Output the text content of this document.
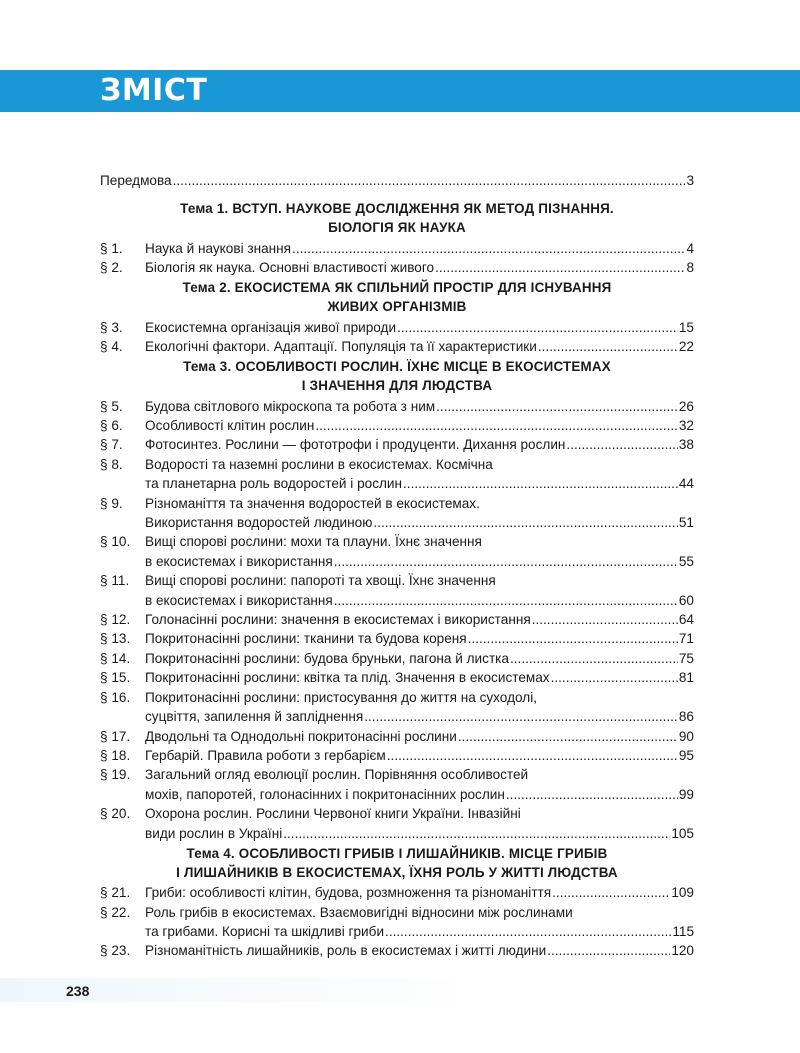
ЗМІСТ
Передмова .....	3
Тема 1. ВСТУП. НАУКОВЕ ДОСЛІДЖЕННЯ ЯК МЕТОД ПІЗНАННЯ.
БІОЛОГІЯ ЯК НАУКА
§ 1.	Наука й наукові знання .....	4
§ 2.	Біологія як наука. Основні властивості живого .....	8
Тема 2. ЕКОСИСТЕМА ЯК СПІЛЬНИЙ ПРОСТІР ДЛЯ ІСНУВАННЯ
ЖИВИХ ОРГАНІЗМІВ
§ 3.	Екосистемна організація живої природи .....	15
§ 4.	Екологічні фактори. Адаптації. Популяція та її характеристики .....	22
Тема 3. ОСОБЛИВОСТІ РОСЛИН. ЇХНЄ МІСЦЕ В ЕКОСИСТЕМАХ
І ЗНАЧЕННЯ ДЛЯ ЛЮДСТВА
§ 5.	Будова світлового мікроскопа та робота з ним .....	26
§ 6.	Особливості клітин рослин .....	32
§ 7.	Фотосинтез. Рослини — фототрофи і продуценти. Дихання рослин .....	38
§ 8.	Водорості та наземні рослини в екосистемах. Космічна
та планетарна роль водоростей і рослин .....	44
§ 9.	Різноманіття та значення водоростей в екосистемах.
Використання водоростей людиною .....	51
§ 10.	Вищі спорові рослини: мохи та плауни. Їхнє значення
в екосистемах і використання .....	55
§ 11.	Вищі спорові рослини: папороті та хвощі. Їхнє значення
в екосистемах і використання .....	60
§ 12.	Голонасінні рослини: значення в екосистемах і використання .....	64
§ 13.	Покритонасінні рослини: тканини та будова кореня .....	71
§ 14.	Покритонасінні рослини: будова бруньки, пагона й листка .....	75
§ 15.	Покритонасінні рослини: квітка та плід. Значення в екосистемах .....	81
§ 16.	Покритонасінні рослини: пристосування до життя на суходолі,
суцвіття, запилення й запліднення .....	86
§ 17.	Дводольні та Однодольні покритонасінні рослини .....	90
§ 18.	Гербарій. Правила роботи з гербарієм .....	95
§ 19.	Загальний огляд еволюції рослин. Порівняння особливостей
мохів, папоротей, голонасінних і покритонасінних рослин .....	99
§ 20.	Охорона рослин. Рослини Червоної книги України. Інвазійні
види рослин в Україні .....	105
Тема 4. ОСОБЛИВОСТІ ГРИБІВ І ЛИШАЙНИКІВ. МІСЦЕ ГРИБІВ
І ЛИШАЙНИКІВ В ЕКОСИСТЕМАХ, ЇХНЯ РОЛЬ У ЖИТТІ ЛЮДСТВА
§ 21.	Гриби: особливості клітин, будова, розмноження та різноманіття .....	109
§ 22.	Роль грибів в екосистемах. Взаємовигідні відносини між рослинами
та грибами. Корисні та шкідливі гриби .....	115
§ 23.	Різноманітність лишайників, роль в екосистемах і житті людини .....	120
238
